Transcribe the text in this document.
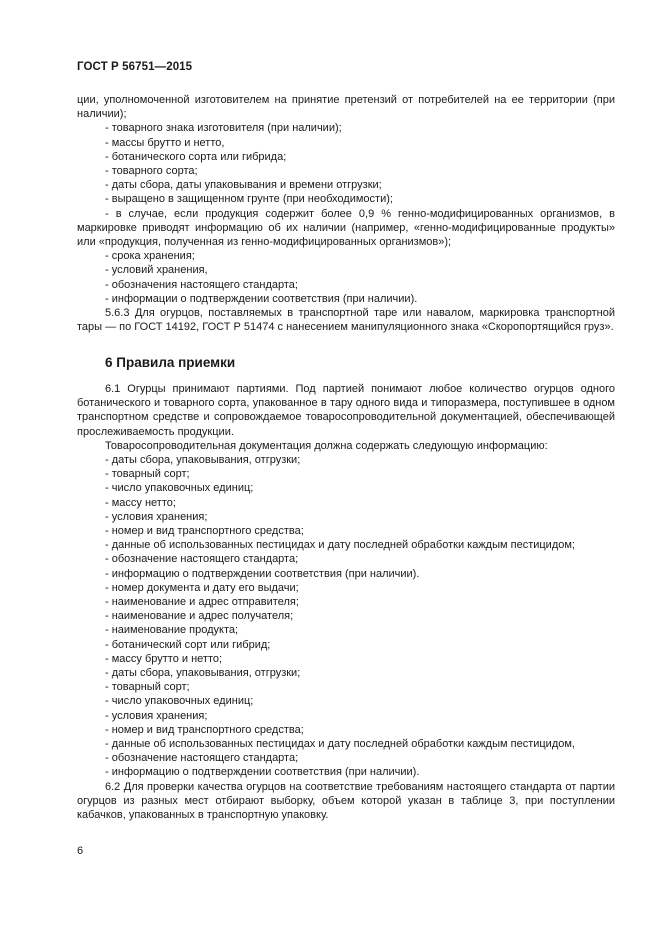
ГОСТ Р 56751—2015

ции, уполномоченной изготовителем на принятие претензий от потребителей на ее территории (при наличии);

- товарного знака изготовителя (при наличии);

- массы брутто и нетто,

- ботанического сорта или гибрида;

- товарного сорта;

- даты сбора, даты упаковывания и времени отгрузки;

- выращено в защищенном грунте (при необходимости);

- в случае, если продукция содержит более 0,9 % генно-модифицированных организмов, в маркировке приводят информацию об их наличии (например, «генно-модифицированные продукты» или «продукция, полученная из генно-модифицированных организмов»);

- срока хранения;

- условий хранения,

- обозначения настоящего стандарта;

- информации о подтверждении соответствия (при наличии).

5.6.3 Для огурцов, поставляемых в транспортной таре или навалом, маркировка транспортной тары — по ГОСТ 14192, ГОСТ Р 51474 с нанесением манипуляционного знака «Скоропортящийся груз».

6 Правила приемки

6.1 Огурцы принимают партиями. Под партией понимают любое количество огурцов одного ботанического и товарного сорта, упакованное в тару одного вида и типоразмера, поступившее в одном транспортном средстве и сопровождаемое товаросопроводительной документацией, обеспечивающей прослеживаемость продукции.

Товаросопроводительная документация должна содержать следующую информацию:

- даты сбора, упаковывания, отгрузки;

- товарный сорт;

- число упаковочных единиц;

- массу нетто;

- условия хранения;

- номер и вид транспортного средства;

- данные об использованных пестицидах и дату последней обработки каждым пестицидом;

- обозначение настоящего стандарта;

- информацию о подтверждении соответствия (при наличии).

- номер документа и дату его выдачи;

- наименование и адрес отправителя;

- наименование и адрес получателя;

- наименование продукта;

- ботанический сорт или гибрид;

- массу брутто и нетто;

- даты сбора, упаковывания, отгрузки;

- товарный сорт;

- число упаковочных единиц;

- условия хранения;

- номер и вид транспортного средства;

- данные об использованных пестицидах и дату последней обработки каждым пестицидом,

- обозначение настоящего стандарта;

- информацию о подтверждении соответствия (при наличии).

6.2 Для проверки качества огурцов на соответствие требованиям настоящего стандарта от партии огурцов из разных мест отбирают выборку, объем которой указан в таблице 3, при поступлении кабачков, упакованных в транспортную упаковку.

6
